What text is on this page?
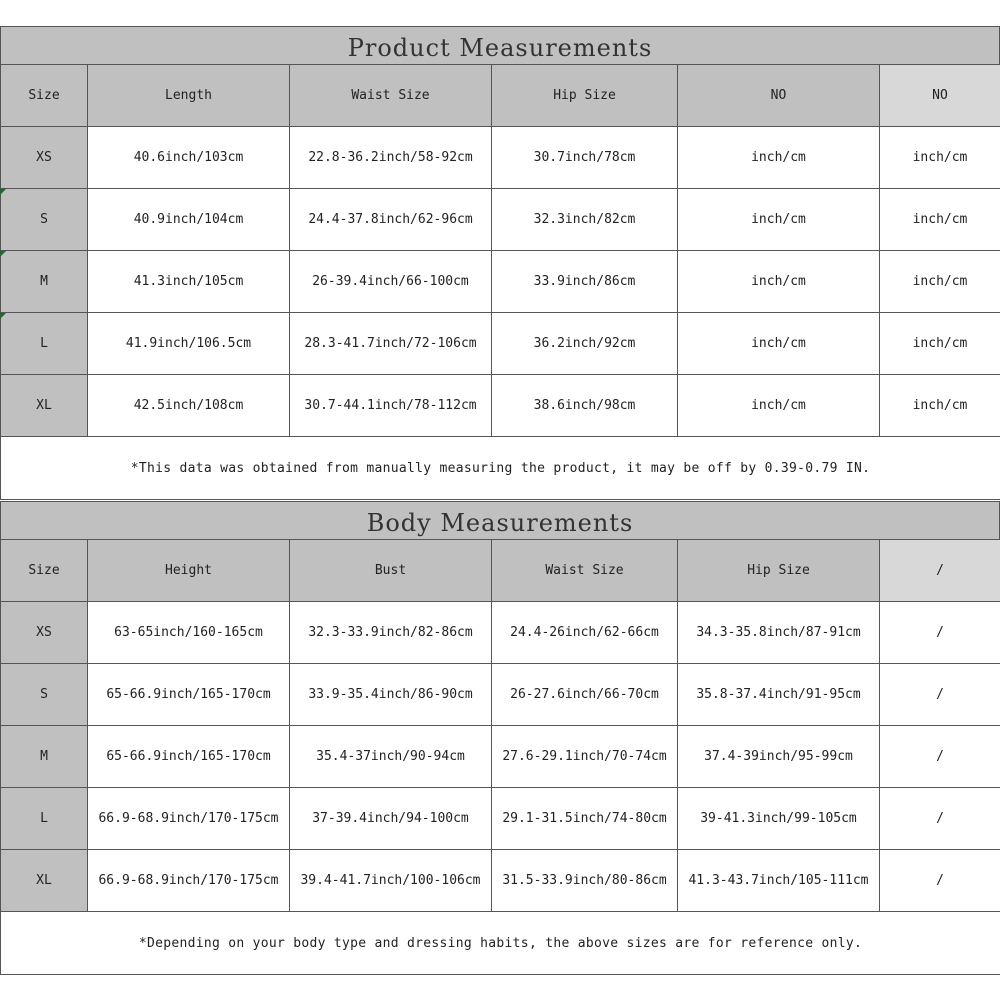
Product Measurements
Size	Length	Waist Size	Hip Size	NO	NO
XS	40.6inch/103cm	22.8-36.2inch/58-92cm	30.7inch/78cm	inch/cm	inch/cm
S	40.9inch/104cm	24.4-37.8inch/62-96cm	32.3inch/82cm	inch/cm	inch/cm
M	41.3inch/105cm	26-39.4inch/66-100cm	33.9inch/86cm	inch/cm	inch/cm
L	41.9inch/106.5cm	28.3-41.7inch/72-106cm	36.2inch/92cm	inch/cm	inch/cm
XL	42.5inch/108cm	30.7-44.1inch/78-112cm	38.6inch/98cm	inch/cm	inch/cm
*This data was obtained from manually measuring the product, it may be off by 0.39-0.79 IN.					
Body Measurements
Size	Height	Bust	Waist Size	Hip Size	/
XS	63-65inch/160-165cm	32.3-33.9inch/82-86cm	24.4-26inch/62-66cm	34.3-35.8inch/87-91cm	/
S	65-66.9inch/165-170cm	33.9-35.4inch/86-90cm	26-27.6inch/66-70cm	35.8-37.4inch/91-95cm	/
M	65-66.9inch/165-170cm	35.4-37inch/90-94cm	27.6-29.1inch/70-74cm	37.4-39inch/95-99cm	/
L	66.9-68.9inch/170-175cm	37-39.4inch/94-100cm	29.1-31.5inch/74-80cm	39-41.3inch/99-105cm	/
XL	66.9-68.9inch/170-175cm	39.4-41.7inch/100-106cm	31.5-33.9inch/80-86cm	41.3-43.7inch/105-111cm	/
*Depending on your body type and dressing habits, the above sizes are for reference only.					
